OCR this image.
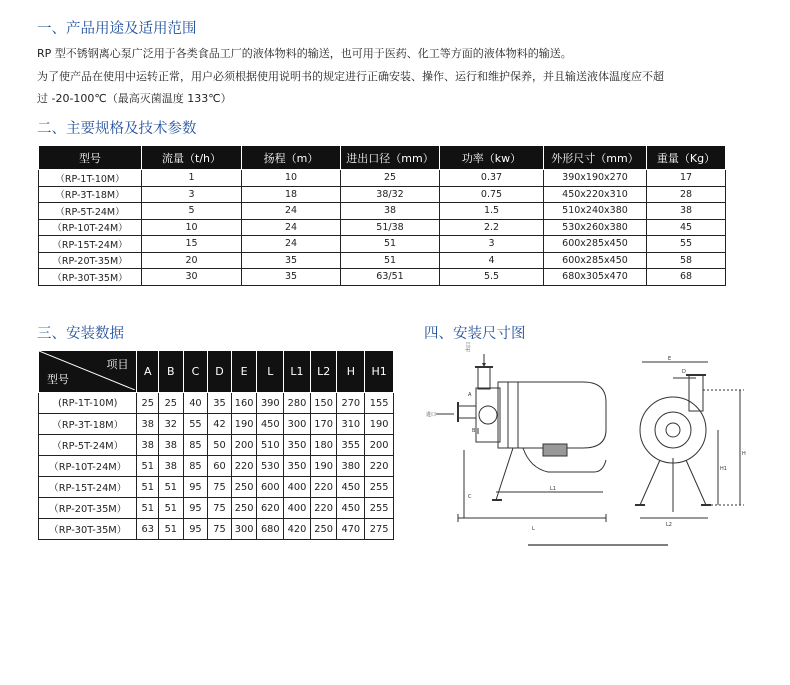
一、产品用途及适用范围

RP 型不锈钢离心泵广泛用于各类食品工厂的液体物料的输送，也可用于医药、化工等方面的液体物料的输送。

为了使产品在使用中运转正常，用户必须根据使用说明书的规定进行正确安装、操作、运行和维护保养，并且输送液体温度应不超

过 -20-100℃（最高灭菌温度 133℃）

二、主要规格及技术参数
型号	流量（t/h）	扬程（m）	进出口径（mm）	功率（kw）	外形尺寸（mm）	重量（Kg）
（RP-1T-10M）	1	10	25	0.37	390x190x270	17
（RP-3T-18M）	3	18	38/32	0.75	450x220x310	28
（RP-5T-24M）	5	24	38	1.5	510x240x380	38
（RP-10T-24M）	10	24	51/38	2.2	530x260x380	45
（RP-15T-24M）	15	24	51	3	600x285x450	55
（RP-20T-35M）	20	35	51	4	600x285x450	58
（RP-30T-35M）	30	35	63/51	5.5	680x305x470	68
三、安装数据
项目
型号	A	B	C	D	E	L	L1	L2	H	H1
(RP-1T-10M)	25	25	40	35	160	390	280	150	270	155
（RP-3T-18M）	38	32	55	42	190	450	300	170	310	190
（RP-5T-24M）	38	38	85	50	200	510	350	180	355	200
（RP-10T-24M）	51	38	85	60	220	530	350	190	380	220
（RP-15T-24M）	51	51	95	75	250	600	400	220	450	255
（RP-20T-35M）	51	51	95	75	250	620	400	220	450	255
（RP-30T-35M）	63	51	95	75	300	680	420	250	470	275
四、安装尺寸图
出口
进口
L
L1
C
A
B
E
D
L2
H1
H
